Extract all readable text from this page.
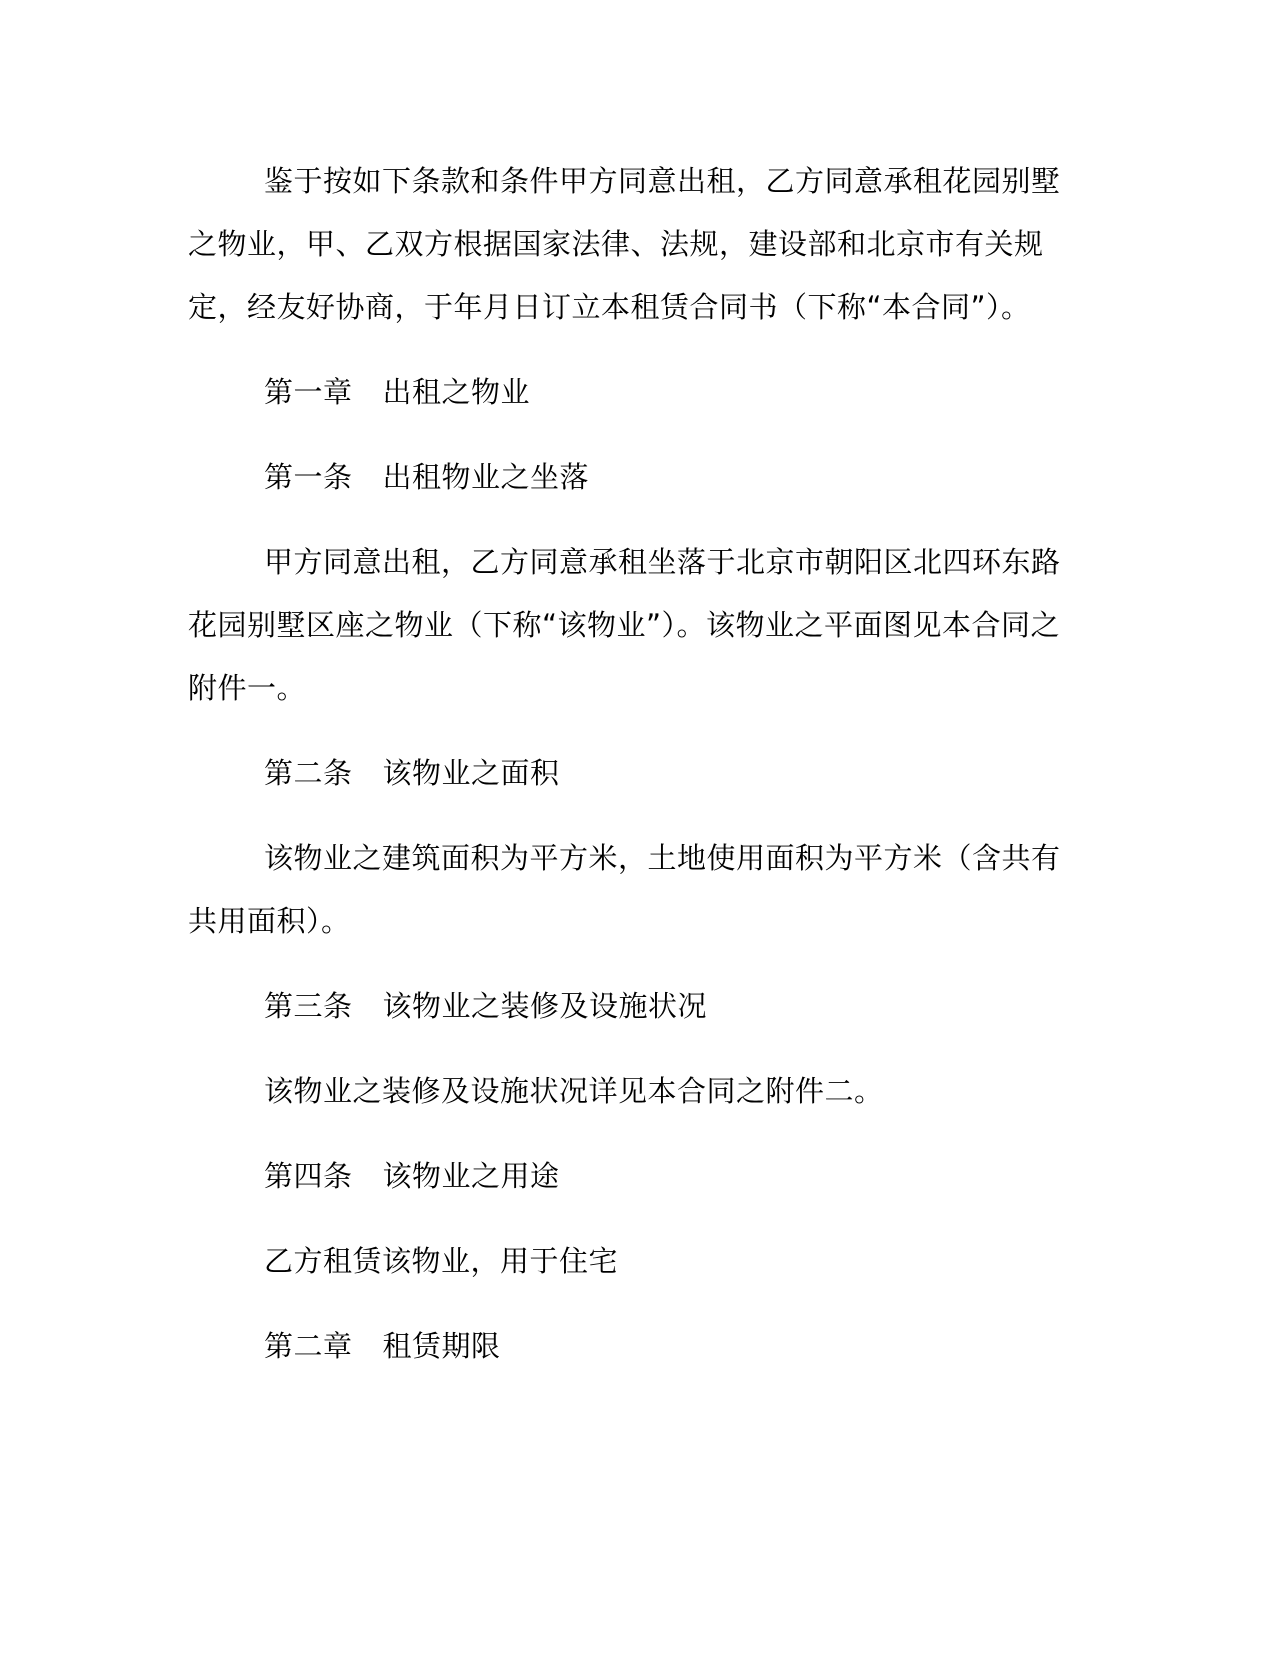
鉴于按如下条款和条件甲方同意出租，乙方同意承租花园别墅之物业，甲、乙双方根据国家法律、法规，建设部和北京市有关规定，经友好协商，于年月日订立本租赁合同书（下称“本合同”）。

第一章 出租之物业
第一条 出租物业之坐落

甲方同意出租，乙方同意承租坐落于北京市朝阳区北四环东路花园别墅区座之物业（下称“该物业”）。该物业之平面图见本合同之附件一。

第二条 该物业之面积

该物业之建筑面积为平方米，土地使用面积为平方米（含共有共用面积）。

第三条 该物业之装修及设施状况

该物业之装修及设施状况详见本合同之附件二。

第四条 该物业之用途

乙方租赁该物业，用于住宅

第二章 租赁期限
